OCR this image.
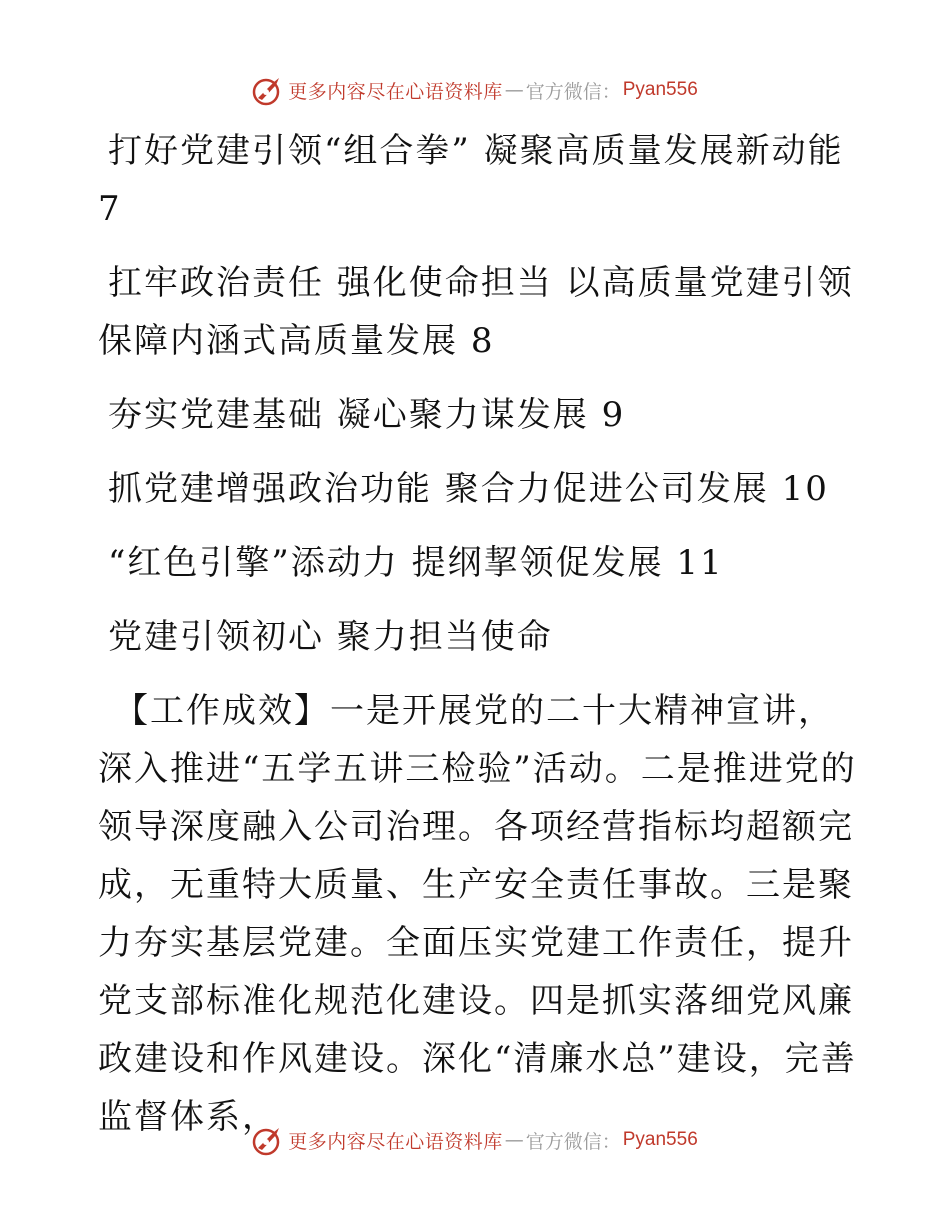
更多内容尽在心语资料库 — 官方微信： Pyan556
打好党建引领“组合拳” 凝聚高质量发展新动能
7
扛牢政治责任 强化使命担当 以高质量党建引领保障内涵式高质量发展 8
夯实党建基础 凝心聚力谋发展 9
抓党建增强政治功能 聚合力促进公司发展 10
“红色引擎”添动力 提纲挈领促发展 11
党建引领初心 聚力担当使命
【工作成效】一是开展党的二十大精神宣讲，深入推进“五学五讲三检验”活动。二是推进党的领导深度融入公司治理。各项经营指标均超额完成，无重特大质量、生产安全责任事故。三是聚力夯实基层党建。全面压实党建工作责任，提升党支部标准化规范化建设。四是抓实落细党风廉政建设和作风建设。深化“清廉水总”建设，完善监督体系，
更多内容尽在心语资料库 — 官方微信： Pyan556
